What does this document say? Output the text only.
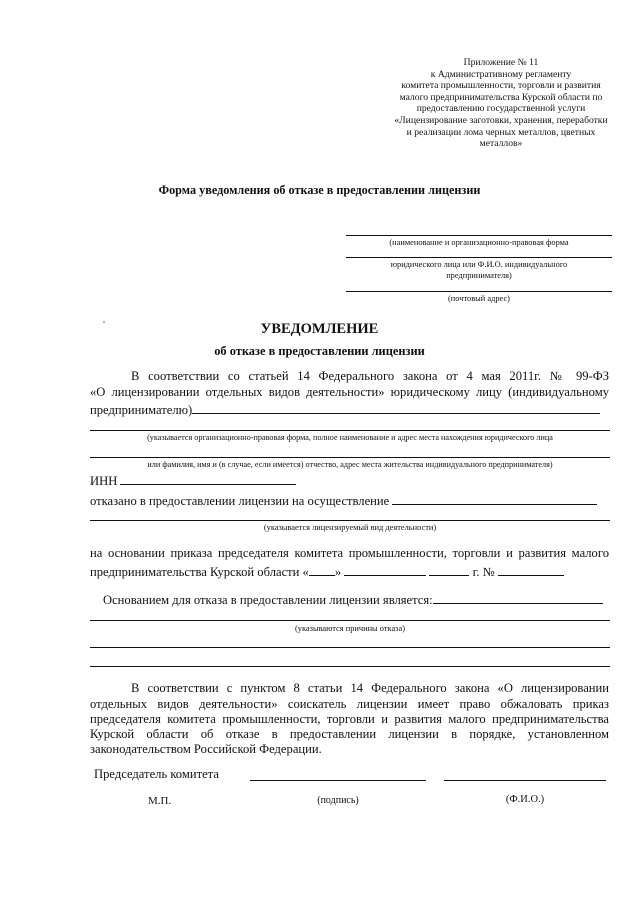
Приложение № 11
к Административному регламенту
комитета промышленности, торговли и развития
малого предпринимательства Курской области по
предоставлению государственной услуги
«Лицензирование заготовки, хранения, переработки
и реализации лома черных металлов, цветных
металлов»
Форма уведомления об отказе в предоставлении лицензии
(наименование и организационно-правовая форма
юридического лица или Ф.И.О. индивидуального
предпринимателя)
(почтовый адрес)
УВЕДОМЛЕНИЕ
об отказе в предоставлении лицензии
В соответствии со статьей 14 Федерального закона от 4 мая 2011г. № 99-ФЗ
«О лицензировании отдельных видов деятельности» юридическому лицу (индивидуальному
предпринимателю)
(указывается организационно-правовая форма, полное наименование и адрес места нахождения юридического лица
или фамилия, имя и (в случае, если имеется) отчество, адрес места жительства индивидуального предпринимателя)
ИНН
отказано в предоставлении лицензии на осуществление
(указывается лицензируемый вид деятельности)
на основании приказа председателя комитета промышленности, торговли и развития малого
предпринимательства Курской области « »	г. №
Основанием для отказа в предоставлении лицензии является:
(указываются причины отказа)
В соответствии с пунктом 8 статьи 14 Федерального закона «О лицензировании
отдельных видов деятельности» соискатель лицензии имеет право обжаловать приказ
председателя комитета промышленности, торговли и развития малого предпринимательства
Курской области об отказе в предоставлении лицензии в порядке, установленном
законодательством Российской Федерации.
Председатель комитета
М.П.	(подпись)	(Ф.И.О.)
